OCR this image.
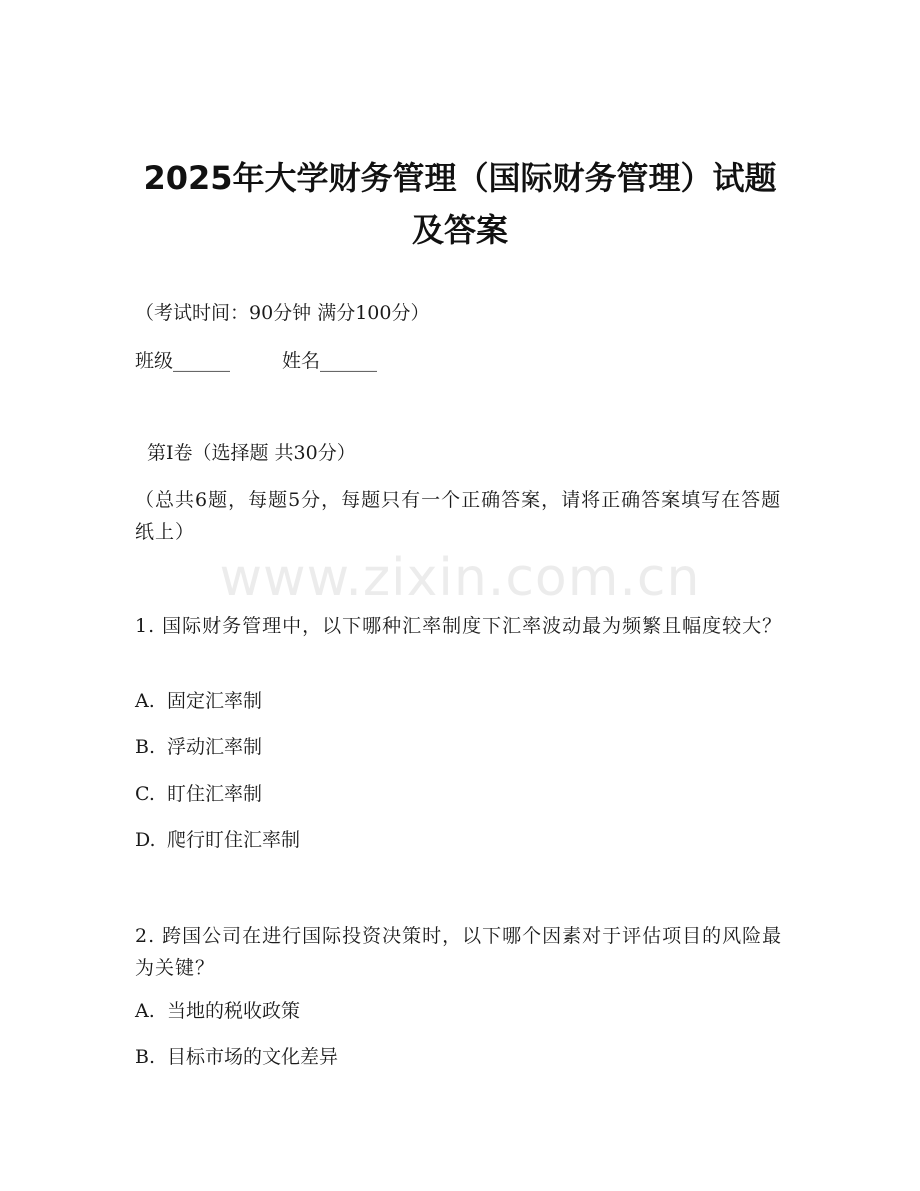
2025年大学财务管理（国际财务管理）试题
及答案
（考试时间：90分钟 满分100分）
班级______	姓名______
第Ⅰ卷（选择题 共30分）
（总共6题，每题5分，每题只有一个正确答案，请将正确答案填写在答题纸上）
www.zixin.com.cn
1. 国际财务管理中，以下哪种汇率制度下汇率波动最为频繁且幅度较大？
A. 固定汇率制
B. 浮动汇率制
C. 盯住汇率制
D. 爬行盯住汇率制
2. 跨国公司在进行国际投资决策时，以下哪个因素对于评估项目的风险最为关键？
A. 当地的税收政策
B. 目标市场的文化差异
